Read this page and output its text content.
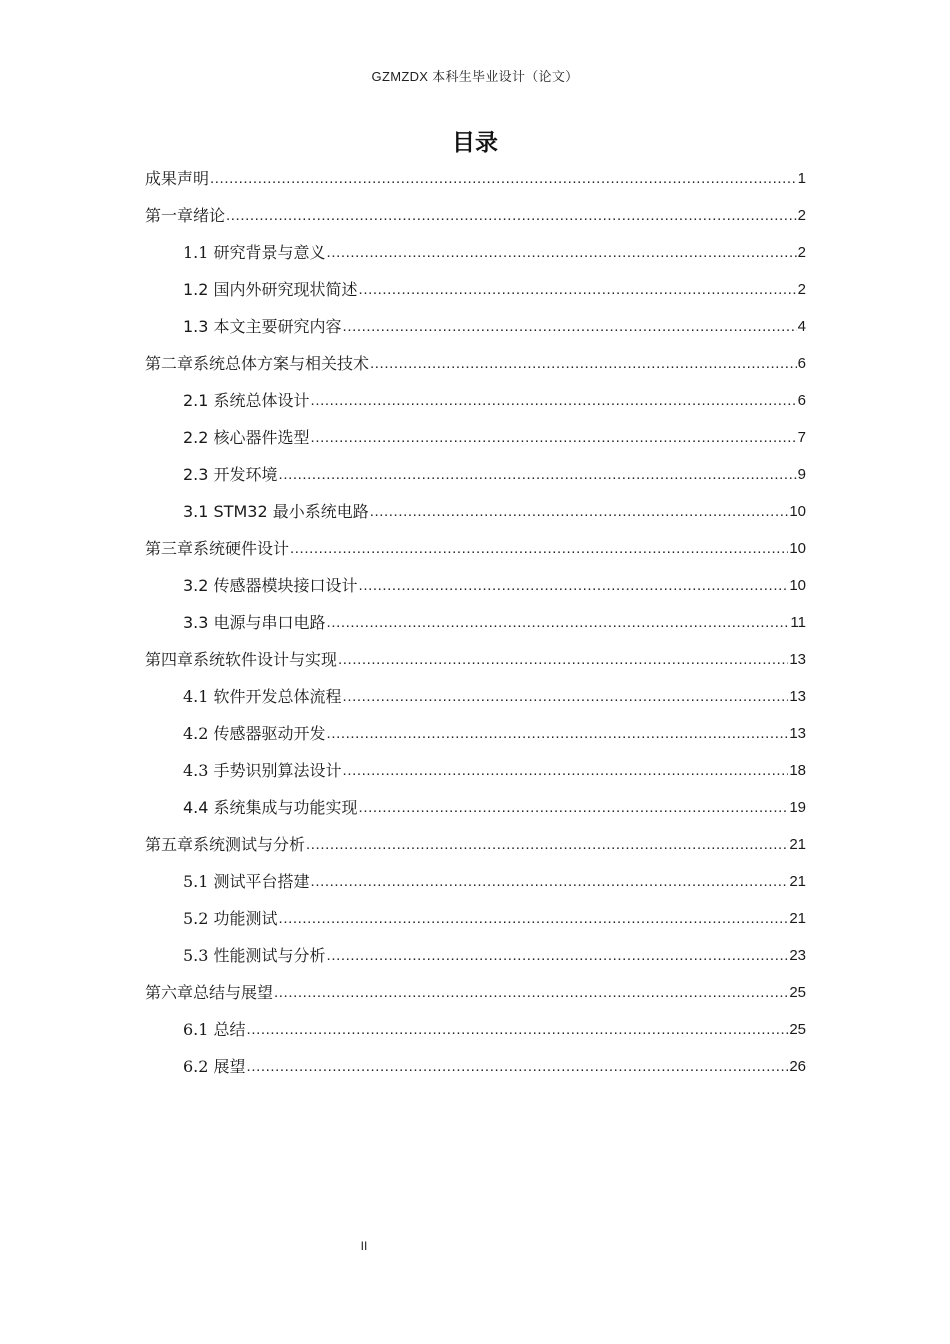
GZMZDX 本科生毕业设计（论文）
目录
成果声明 .....	1
第一章绪论 .....	2
1.1 研究背景与意义 .....	2
1.2 国内外研究现状简述 .....	2
1.3 本文主要研究内容 .....	4
第二章系统总体方案与相关技术 .....	6
2.1 系统总体设计 .....	6
2.2 核心器件选型 .....	7
2.3 开发环境 .....	9
3.1 STM32 最小系统电路 .....	10
第三章系统硬件设计 .....	10
3.2 传感器模块接口设计 .....	10
3.3 电源与串口电路 .....	11
第四章系统软件设计与实现 .....	13
4.1 软件开发总体流程 .....	13
4.2 传感器驱动开发 .....	13
4.3 手势识别算法设计 .....	18
4.4 系统集成与功能实现 .....	19
第五章系统测试与分析 .....	21
5.1 测试平台搭建 .....	21
5.2 功能测试 .....	21
5.3 性能测试与分析 .....	23
第六章总结与展望 .....	25
6.1 总结 .....	25
6.2 展望 .....	26
II
